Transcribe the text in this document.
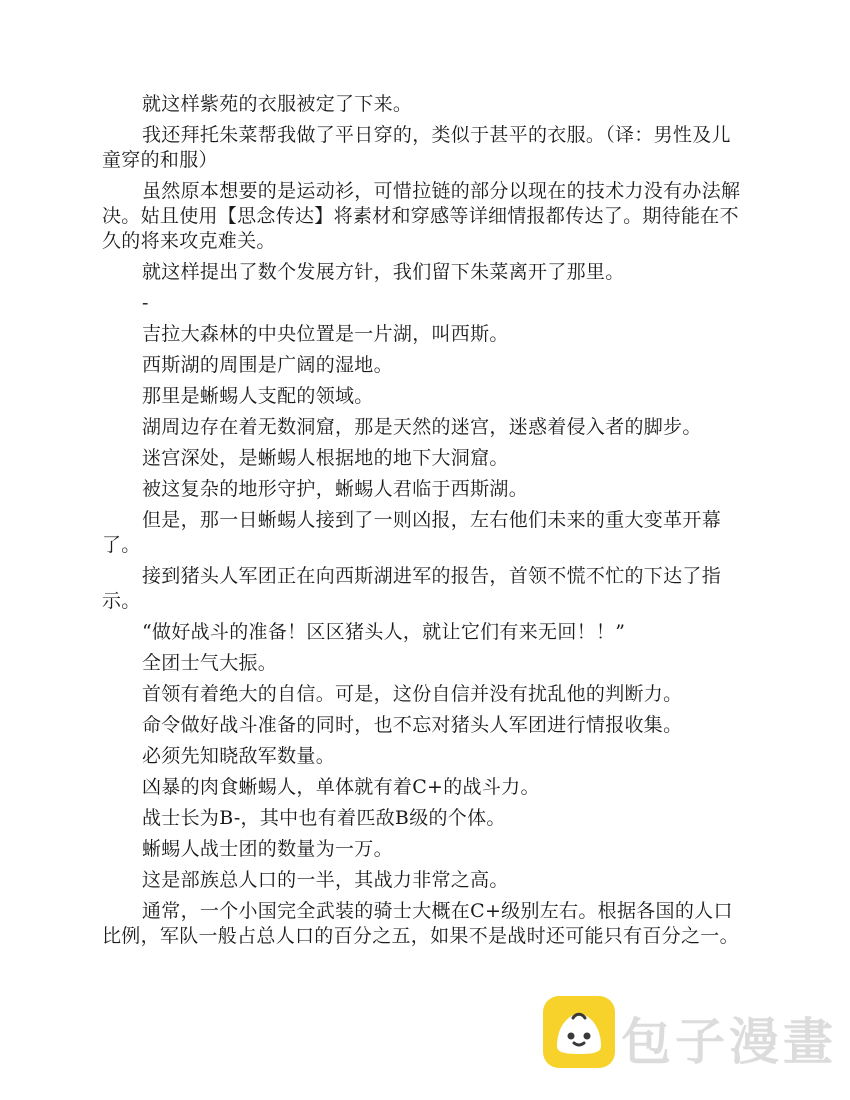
就这样紫苑的衣服被定了下来。

我还拜托朱菜帮我做了平日穿的，类似于甚平的衣服。（译：男性及儿童穿的和服）

虽然原本想要的是运动衫，可惜拉链的部分以现在的技术力没有办法解决。姑且使用【思念传达】将素材和穿感等详细情报都传达了。期待能在不久的将来攻克难关。

就这样提出了数个发展方针，我们留下朱菜离开了那里。

-

吉拉大森林的中央位置是一片湖，叫西斯。

西斯湖的周围是广阔的湿地。

那里是蜥蜴人支配的领域。

湖周边存在着无数洞窟，那是天然的迷宫，迷惑着侵入者的脚步。

迷宫深处，是蜥蜴人根据地的地下大洞窟。

被这复杂的地形守护，蜥蜴人君临于西斯湖。

但是，那一日蜥蜴人接到了一则凶报，左右他们未来的重大变革开幕了。

接到猪头人军团正在向西斯湖进军的报告，首领不慌不忙的下达了指示。

“做好战斗的准备！区区猪头人，就让它们有来无回！！”

全团士气大振。

首领有着绝大的自信。可是，这份自信并没有扰乱他的判断力。

命令做好战斗准备的同时，也不忘对猪头人军团进行情报收集。

必须先知晓敌军数量。

凶暴的肉食蜥蜴人，单体就有着C+的战斗力。

战士长为B-，其中也有着匹敌B级的个体。

蜥蜴人战士团的数量为一万。

这是部族总人口的一半，其战力非常之高。

通常，一个小国完全武装的骑士大概在C+级别左右。根据各国的人口比例，军队一般占总人口的百分之五，如果不是战时还可能只有百分之一。

包子漫畫
